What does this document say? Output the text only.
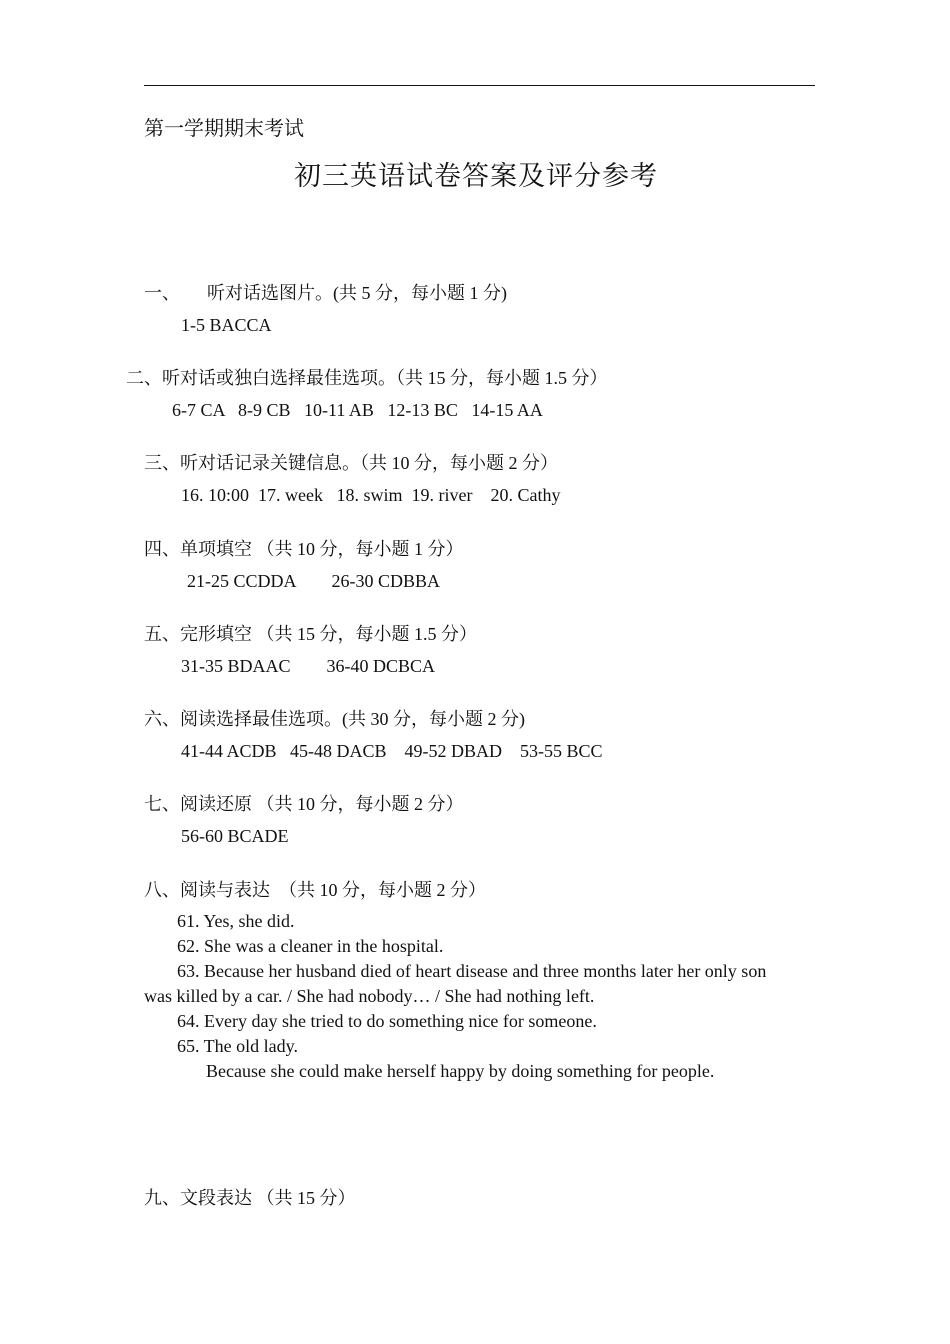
第一学期期末考试
初三英语试卷答案及评分参考
一、　　听对话选图片。(共 5 分，每小题 1 分)
1-5 BACCA
二、听对话或独白选择最佳选项。（共 15 分，每小题 1.5 分）
6-7 CA   8-9 CB   10-11 AB   12-13 BC   14-15 AA
三、听对话记录关键信息。（共 10 分，每小题 2 分）
16. 10:00  17. week   18. swim  19. river    20. Cathy
四、单项填空 （共 10 分，每小题 1 分）
21-25 CCDDA        26-30 CDBBA
五、完形填空 （共 15 分，每小题 1.5 分）
31-35 BDAAC        36-40 DCBCA
六、阅读选择最佳选项。(共 30 分，每小题 2 分)
41-44 ACDB   45-48 DACB    49-52 DBAD    53-55 BCC
七、阅读还原 （共 10 分，每小题 2 分）
56-60 BCADE
八、阅读与表达  （共 10 分，每小题 2 分）
61. Yes, she did.
62. She was a cleaner in the hospital.
63. Because her husband died of heart disease and three months later her only son
was killed by a car. / She had nobody… / She had nothing left.
64. Every day she tried to do something nice for someone.
65. The old lady.
Because she could make herself happy by doing something for people.
九、文段表达 （共 15 分）
